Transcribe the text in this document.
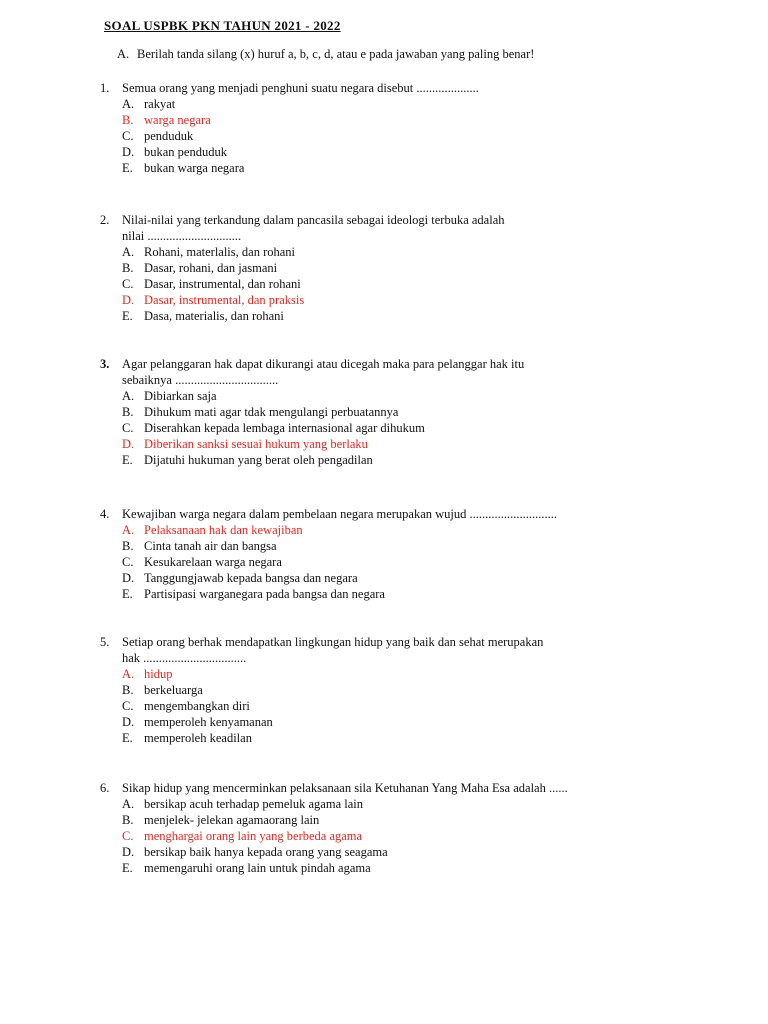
SOAL USPBK PKN TAHUN 2021 - 2022
A. Berilah tanda silang (x) huruf a, b, c, d, atau e pada jawaban yang paling benar!
1.	Semua orang yang menjadi penghuni suatu negara disebut ....................
A. rakyat
B. warga negara
C. penduduk
D. bukan penduduk
E. bukan warga negara
2.	Nilai-nilai yang terkandung dalam pancasila sebagai ideologi terbuka adalah
nilai ..............................
A. Rohani, materlalis, dan rohani
B. Dasar, rohani, dan jasmani
C. Dasar, instrumental, dan rohani
D. Dasar, instrumental, dan praksis
E. Dasa, materialis, dan rohani
3.	Agar pelanggaran hak dapat dikurangi atau dicegah maka para pelanggar hak itu
sebaiknya .................................
A. Dibiarkan saja
B. Dihukum mati agar tdak mengulangi perbuatannya
C. Diserahkan kepada lembaga internasional agar dihukum
D. Diberikan sanksi sesuai hukum yang berlaku
E. Dijatuhi hukuman yang berat oleh pengadilan
4.	Kewajiban warga negara dalam pembelaan negara merupakan wujud ............................
A. Pelaksanaan hak dan kewajiban
B. Cinta tanah air dan bangsa
C. Kesukarelaan warga negara
D. Tanggungjawab kepada bangsa dan negara
E. Partisipasi warganegara pada bangsa dan negara
5.	Setiap orang berhak mendapatkan lingkungan hidup yang baik dan sehat merupakan
hak .................................
A. hidup
B. berkeluarga
C. mengembangkan diri
D. memperoleh kenyamanan
E. memperoleh keadilan
6.	Sikap hidup yang mencerminkan pelaksanaan sila Ketuhanan Yang Maha Esa adalah ......
A. bersikap acuh terhadap pemeluk agama lain
B. menjelek- jelekan agamaorang lain
C. menghargai orang lain yang berbeda agama
D. bersikap baik hanya kepada orang yang seagama
E. memengaruhi orang lain untuk pindah agama
